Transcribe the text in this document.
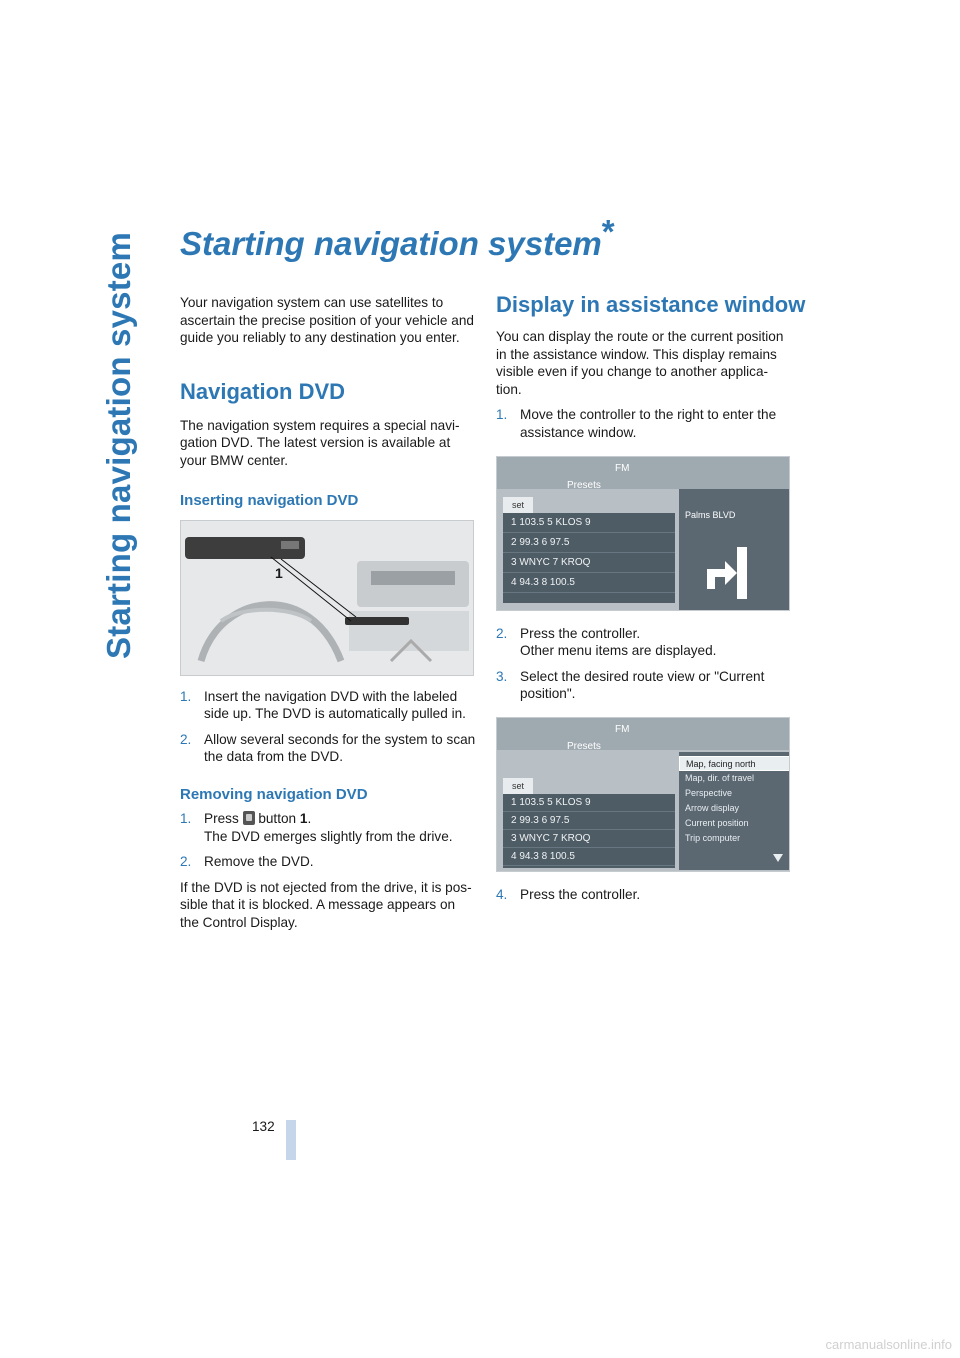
Starting navigation system Starting navigation system*

Your navigation system can use satellites to ascertain the precise position of your vehicle and guide you reliably to any destination you enter.

Navigation DVD

The navigation system requires a special navi-gation DVD. The latest version is available at your BMW center.

Inserting navigation DVD
1
1. Insert the navigation DVD with the labeled side up. The DVD is automatically pulled in.
2. Allow several seconds for the system to scan the data from the DVD.
Removing navigation DVD
1. Press button 1.
The DVD emerges slightly from the drive.
2. Remove the DVD.

If the DVD is not ejected from the drive, it is pos-sible that it is blocked. A message appears on the Control Display.

Display in assistance window

You can display the route or the current position in the assistance window. This display remains visible even if you change to another applica-tion.

1. Move the controller to the right to enter the assistance window.
FM
Presets
set
1 103.5 5 KLOS 9
2 99.3 6 97.5
3 WNYC 7 KROQ
4 94.3 8 100.5
Palms BLVD
2. Press the controller.
Other menu items are displayed.
3. Select the desired route view or "Current position".
FM
Presets
set
1 103.5 5 KLOS 9
2 99.3 6 97.5
3 WNYC 7 KROQ
4 94.3 8 100.5
Map, facing north
Map, dir. of travel
Perspective
Arrow display
Current position
Trip computer
4. Press the controller.
132
carmanualsonline.info
